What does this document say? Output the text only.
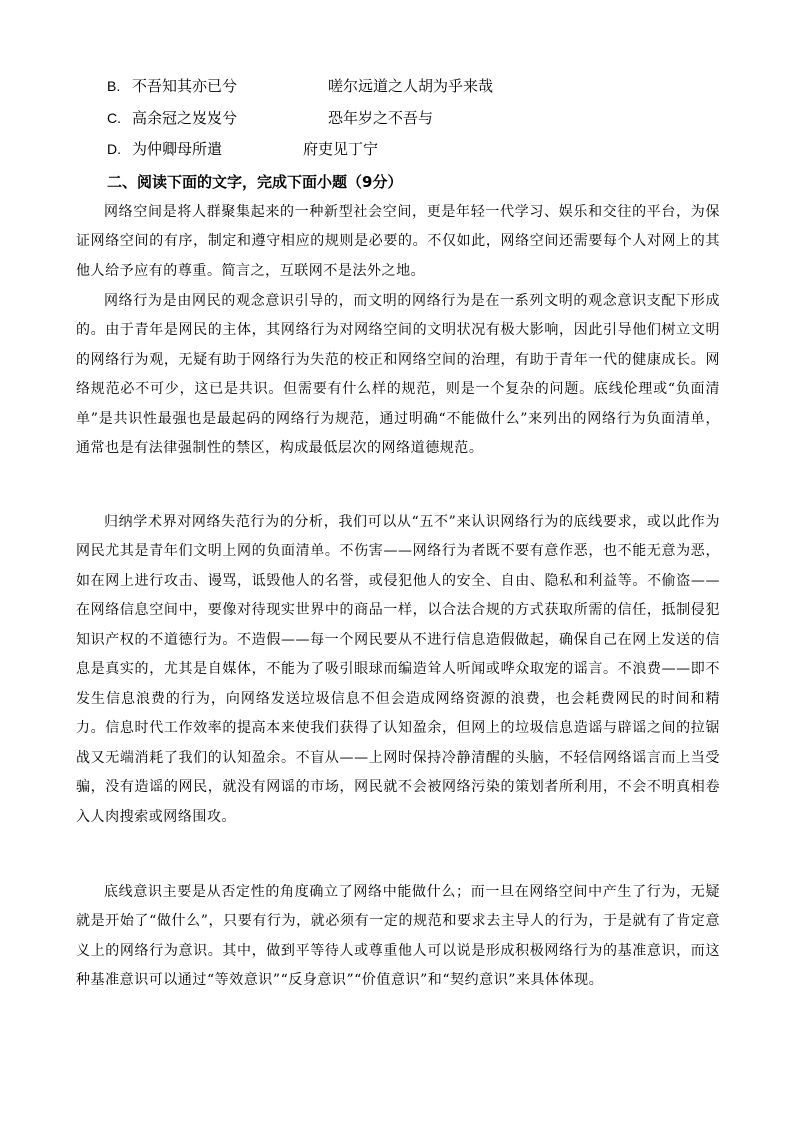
B. 不吾知其亦已兮	嗟尔远道之人胡为乎来哉
C. 高余冠之岌岌兮	恐年岁之不吾与
D. 为仲卿母所遣	府吏见丁宁
二、阅读下面的文字，完成下面小题（9分）

网络空间是将人群聚集起来的一种新型社会空间，更是年轻一代学习、娱乐和交往的平台，为保证网络空间的有序，制定和遵守相应的规则是必要的。不仅如此，网络空间还需要每个人对网上的其他人给予应有的尊重。简言之，互联网不是法外之地。

网络行为是由网民的观念意识引导的，而文明的网络行为是在一系列文明的观念意识支配下形成的。由于青年是网民的主体，其网络行为对网络空间的文明状况有极大影响，因此引导他们树立文明的网络行为观，无疑有助于网络行为失范的校正和网络空间的治理，有助于青年一代的健康成长。网络规范必不可少，这已是共识。但需要有什么样的规范，则是一个复杂的问题。底线伦理或“负面清单”是共识性最强也是最起码的网络行为规范，通过明确“不能做什么”来列出的网络行为负面清单，通常也是有法律强制性的禁区，构成最低层次的网络道德规范。

归纳学术界对网络失范行为的分析，我们可以从“五不”来认识网络行为的底线要求，或以此作为网民尤其是青年们文明上网的负面清单。不伤害——网络行为者既不要有意作恶，也不能无意为恶，如在网上进行攻击、谩骂，诋毁他人的名誉，或侵犯他人的安全、自由、隐私和利益等。不偷盗——在网络信息空间中，要像对待现实世界中的商品一样，以合法合规的方式获取所需的信任，抵制侵犯知识产权的不道德行为。不造假——每一个网民要从不进行信息造假做起，确保自己在网上发送的信息是真实的，尤其是自媒体，不能为了吸引眼球而编造耸人听闻或哗众取宠的谣言。不浪费——即不发生信息浪费的行为，向网络发送垃圾信息不但会造成网络资源的浪费，也会耗费网民的时间和精力。信息时代工作效率的提高本来使我们获得了认知盈余，但网上的垃圾信息造谣与辟谣之间的拉锯战又无端消耗了我们的认知盈余。不盲从——上网时保持冷静清醒的头脑，不轻信网络谣言而上当受骗，没有造谣的网民，就没有网谣的市场，网民就不会被网络污染的策划者所利用，不会不明真相卷入人肉搜索或网络围攻。

底线意识主要是从否定性的角度确立了网络中能做什么；而一旦在网络空间中产生了行为，无疑就是开始了“做什么”，只要有行为，就必须有一定的规范和要求去主导人的行为，于是就有了肯定意义上的网络行为意识。其中，做到平等待人或尊重他人可以说是形成积极网络行为的基准意识，而这种基准意识可以通过“等效意识”“反身意识”“价值意识”和“契约意识”来具体体现。
